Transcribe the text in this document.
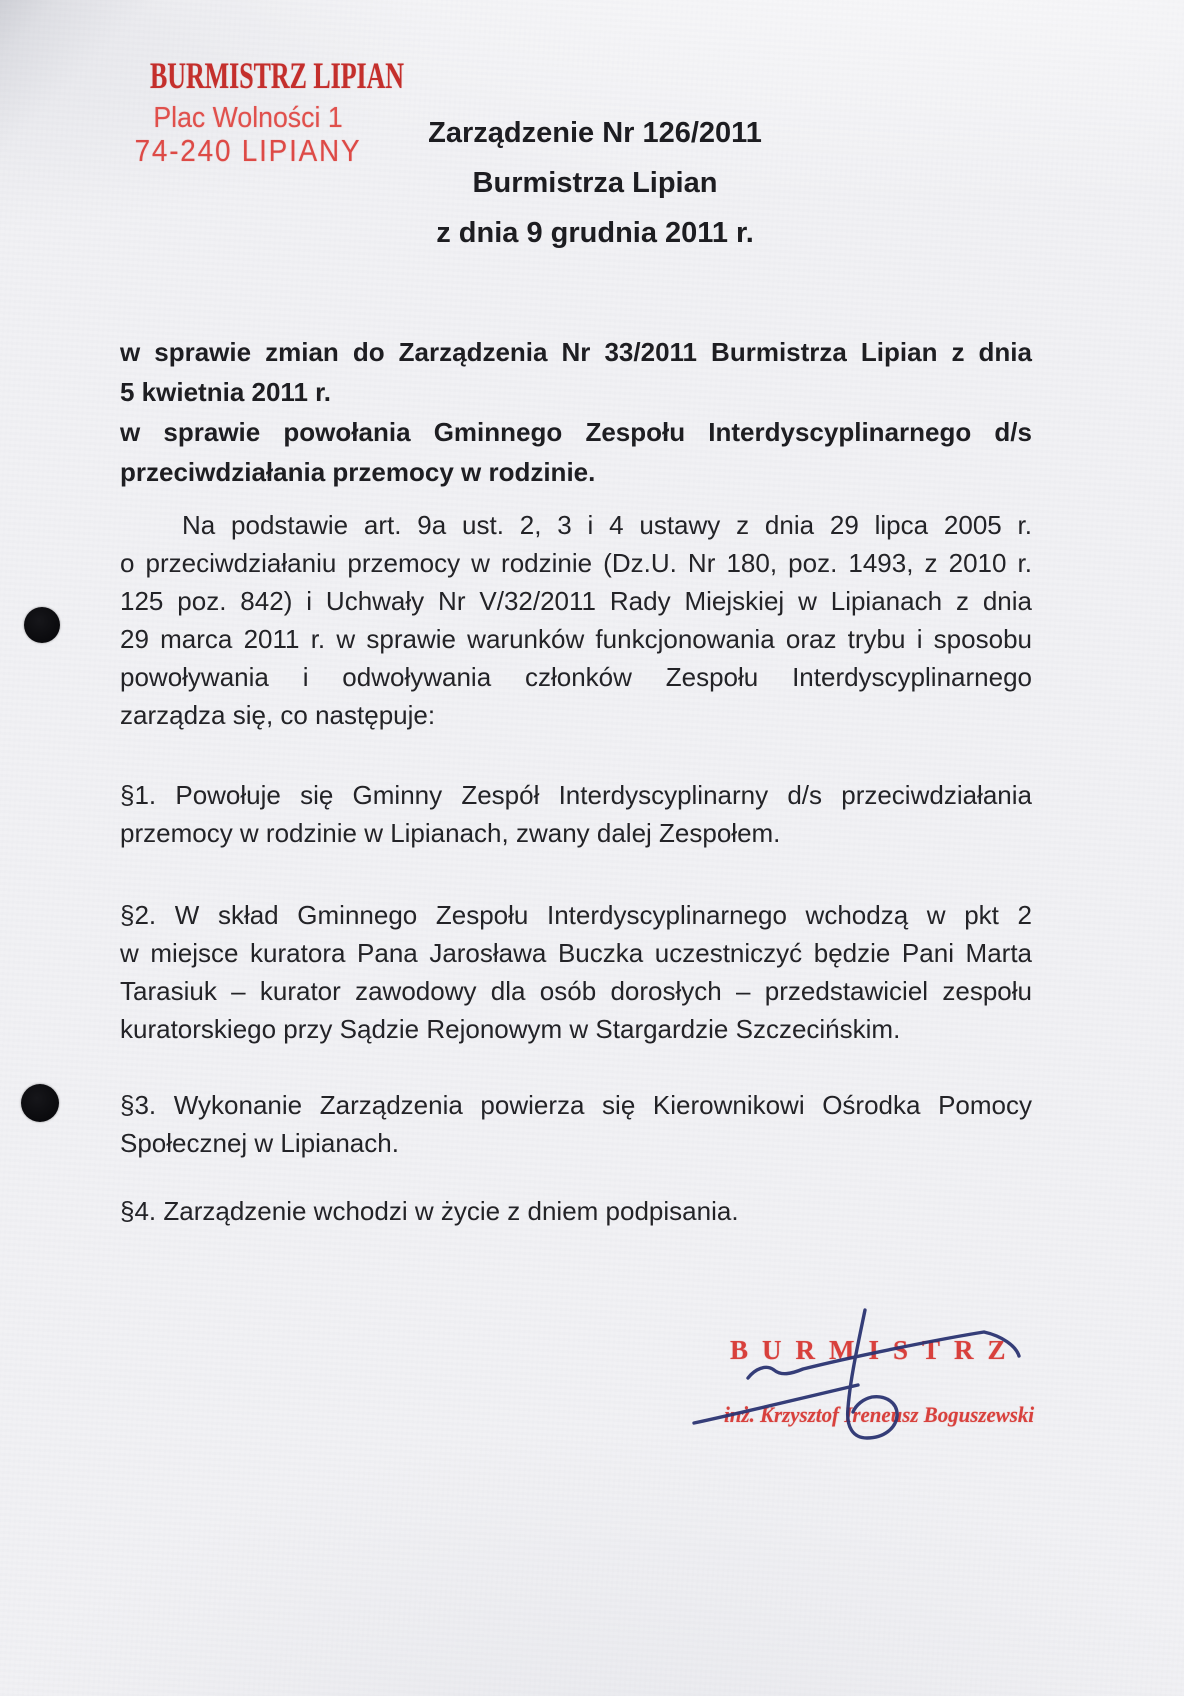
BURMISTRZ LIPIAN
Plac Wolności 1
74-240 LIPIANY	Zarządzenie Nr 126/2011
Burmistrza Lipian
z dnia 9 grudnia 2011 r.
w sprawie zmian do Zarządzenia Nr 33/2011 Burmistrza Lipian z dnia
5 kwietnia 2011 r.
w sprawie powołania Gminnego Zespołu Interdyscyplinarnego d/s
przeciwdziałania przemocy w rodzinie.
Na podstawie art. 9a ust. 2, 3 i 4 ustawy z dnia 29 lipca 2005 r.
o przeciwdziałaniu przemocy w rodzinie (Dz.U. Nr 180, poz. 1493, z 2010 r.
125 poz. 842) i Uchwały Nr V/32/2011 Rady Miejskiej w Lipianach z dnia
29 marca 2011 r. w sprawie warunków funkcjonowania oraz trybu i sposobu
powoływania i odwoływania członków Zespołu Interdyscyplinarnego
zarządza się, co następuje:
§1. Powołuje się Gminny Zespół Interdyscyplinarny d/s przeciwdziałania
przemocy w rodzinie w Lipianach, zwany dalej Zespołem.
§2. W skład Gminnego Zespołu Interdyscyplinarnego wchodzą w pkt 2
w miejsce kuratora Pana Jarosława Buczka uczestniczyć będzie Pani Marta
Tarasiuk – kurator zawodowy dla osób dorosłych – przedstawiciel zespołu
kuratorskiego przy Sądzie Rejonowym w Stargardzie Szczecińskim.
§3. Wykonanie Zarządzenia powierza się Kierownikowi Ośrodka Pomocy
Społecznej w Lipianach.
§4. Zarządzenie wchodzi w życie z dniem podpisania.
BURMISTRZ
inż. Krzysztof Ireneusz Boguszewski
